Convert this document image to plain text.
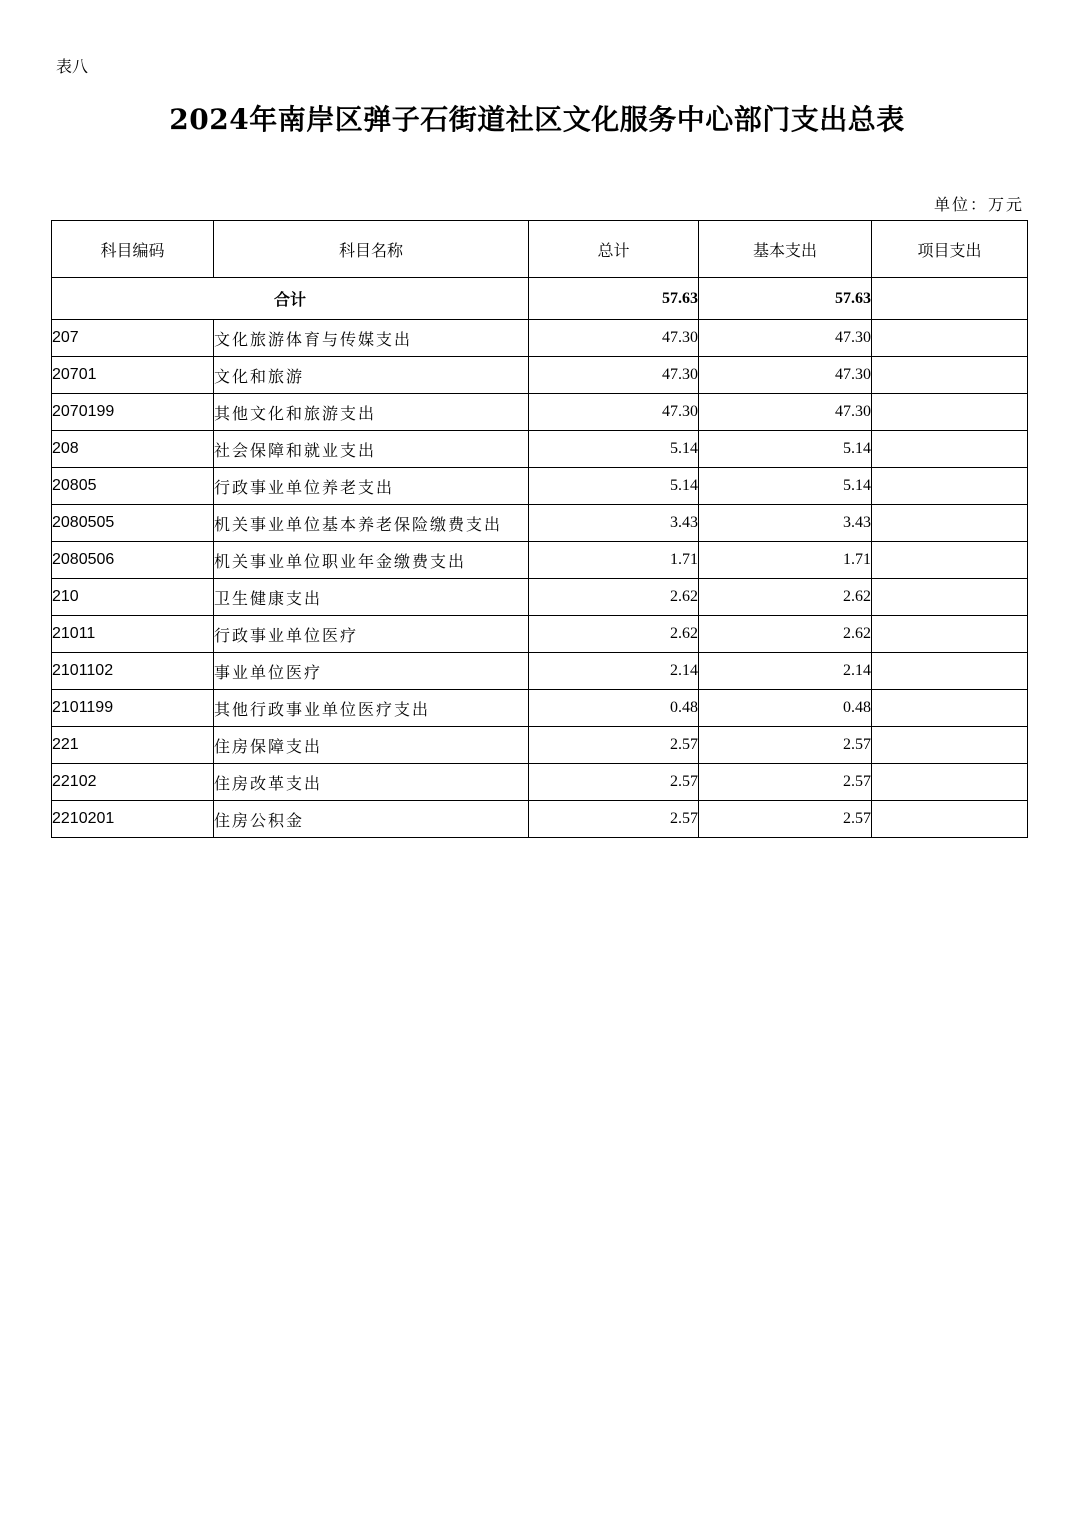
表八
2024年南岸区弹子石街道社区文化服务中心部门支出总表
单位：万元
科目编码	科目名称	总计	基本支出	项目支出
合计		57.63	57.63	
207	文化旅游体育与传媒支出	47.30	47.30	
20701	文化和旅游	47.30	47.30	
2070199	其他文化和旅游支出	47.30	47.30	
208	社会保障和就业支出	5.14	5.14	
20805	行政事业单位养老支出	5.14	5.14	
2080505	机关事业单位基本养老保险缴费支出	3.43	3.43	
2080506	机关事业单位职业年金缴费支出	1.71	1.71	
210	卫生健康支出	2.62	2.62	
21011	行政事业单位医疗	2.62	2.62	
2101102	事业单位医疗	2.14	2.14	
2101199	其他行政事业单位医疗支出	0.48	0.48	
221	住房保障支出	2.57	2.57	
22102	住房改革支出	2.57	2.57	
2210201	住房公积金	2.57	2.57	
